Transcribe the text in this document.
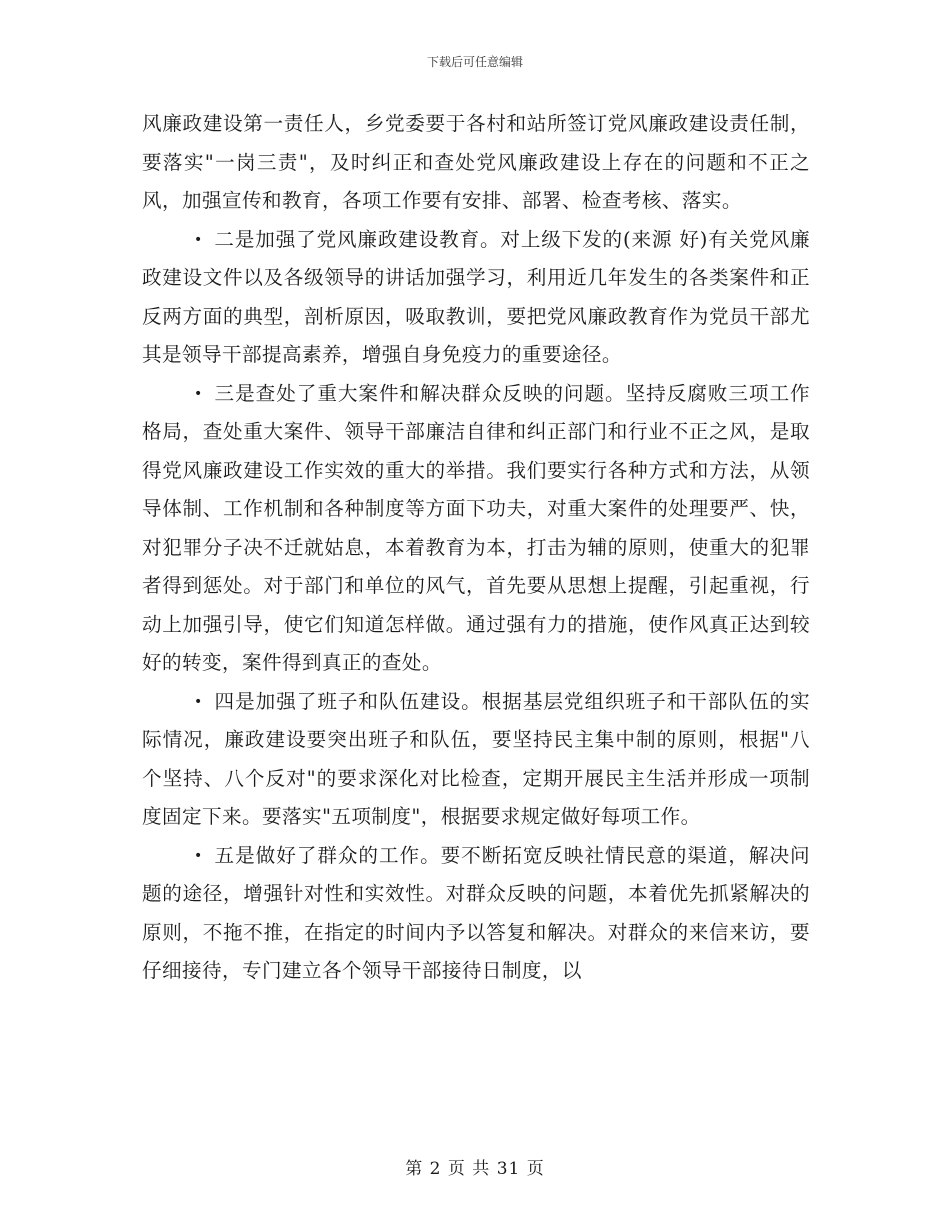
下载后可任意编辑

风廉政建设第一责任人，乡党委要于各村和站所签订党风廉政建设责任制，要落实"一岗三责"，及时纠正和查处党风廉政建设上存在的问题和不正之风，加强宣传和教育，各项工作要有安排、部署、检查考核、落实。

• 二是加强了党风廉政建设教育。对上级下发的(来源 好)有关党风廉政建设文件以及各级领导的讲话加强学习，利用近几年发生的各类案件和正反两方面的典型，剖析原因，吸取教训，要把党风廉政教育作为党员干部尤其是领导干部提高素养，增强自身免疫力的重要途径。

• 三是查处了重大案件和解决群众反映的问题。坚持反腐败三项工作格局，查处重大案件、领导干部廉洁自律和纠正部门和行业不正之风，是取得党风廉政建设工作实效的重大的举措。我们要实行各种方式和方法，从领导体制、工作机制和各种制度等方面下功夫，对重大案件的处理要严、快，对犯罪分子决不迁就姑息，本着教育为本，打击为辅的原则，使重大的犯罪者得到惩处。对于部门和单位的风气，首先要从思想上提醒，引起重视，行动上加强引导，使它们知道怎样做。通过强有力的措施，使作风真正达到较好的转变，案件得到真正的查处。

• 四是加强了班子和队伍建设。根据基层党组织班子和干部队伍的实际情况，廉政建设要突出班子和队伍，要坚持民主集中制的原则，根据"八个坚持、八个反对"的要求深化对比检查，定期开展民主生活并形成一项制度固定下来。要落实"五项制度"，根据要求规定做好每项工作。

• 五是做好了群众的工作。要不断拓宽反映社情民意的渠道，解决问题的途径，增强针对性和实效性。对群众反映的问题，本着优先抓紧解决的原则，不拖不推，在指定的时间内予以答复和解决。对群众的来信来访，要仔细接待，专门建立各个领导干部接待日制度，以

第 2 页 共 31 页
